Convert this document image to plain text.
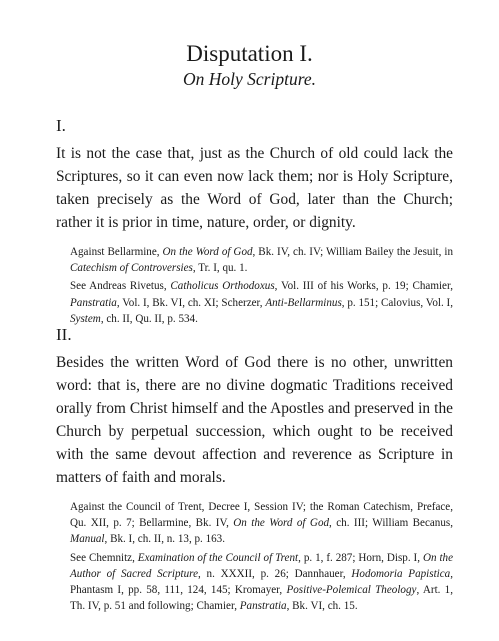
Disputation I.
On Holy Scripture.
I.

It is not the case that, just as the Church of old could lack the Scriptures, so it can even now lack them; nor is Holy Scripture, taken precisely as the Word of God, later than the Church; rather it is prior in time, nature, order, or dignity.

Against Bellarmine, On the Word of God, Bk. IV, ch. IV; William Bailey the Jesuit, in Catechism of Controversies, Tr. I, qu. 1.

See Andreas Rivetus, Catholicus Orthodoxus, Vol. III of his Works, p. 19; Chamier, Panstratia, Vol. I, Bk. VI, ch. XI; Scherzer, Anti-Bellarminus, p. 151; Calovius, Vol. I, System, ch. II, Qu. II, p. 534.

II.

Besides the written Word of God there is no other, unwritten word: that is, there are no divine dogmatic Traditions received orally from Christ himself and the Apostles and preserved in the Church by perpetual succession, which ought to be received with the same devout affection and reverence as Scripture in matters of faith and morals.

Against the Council of Trent, Decree I, Session IV; the Roman Catechism, Preface, Qu. XII, p. 7; Bellarmine, Bk. IV, On the Word of God, ch. III; William Becanus, Manual, Bk. I, ch. II, n. 13, p. 163.

See Chemnitz, Examination of the Council of Trent, p. 1, f. 287; Horn, Disp. I, On the Author of Sacred Scripture, n. XXXII, p. 26; Dannhauer, Hodomoria Papistica, Phantasm I, pp. 58, 111, 124, 145; Kromayer, Positive-Polemical Theology, Art. 1, Th. IV, p. 51 and following; Chamier, Panstratia, Bk. VI, ch. 15.
